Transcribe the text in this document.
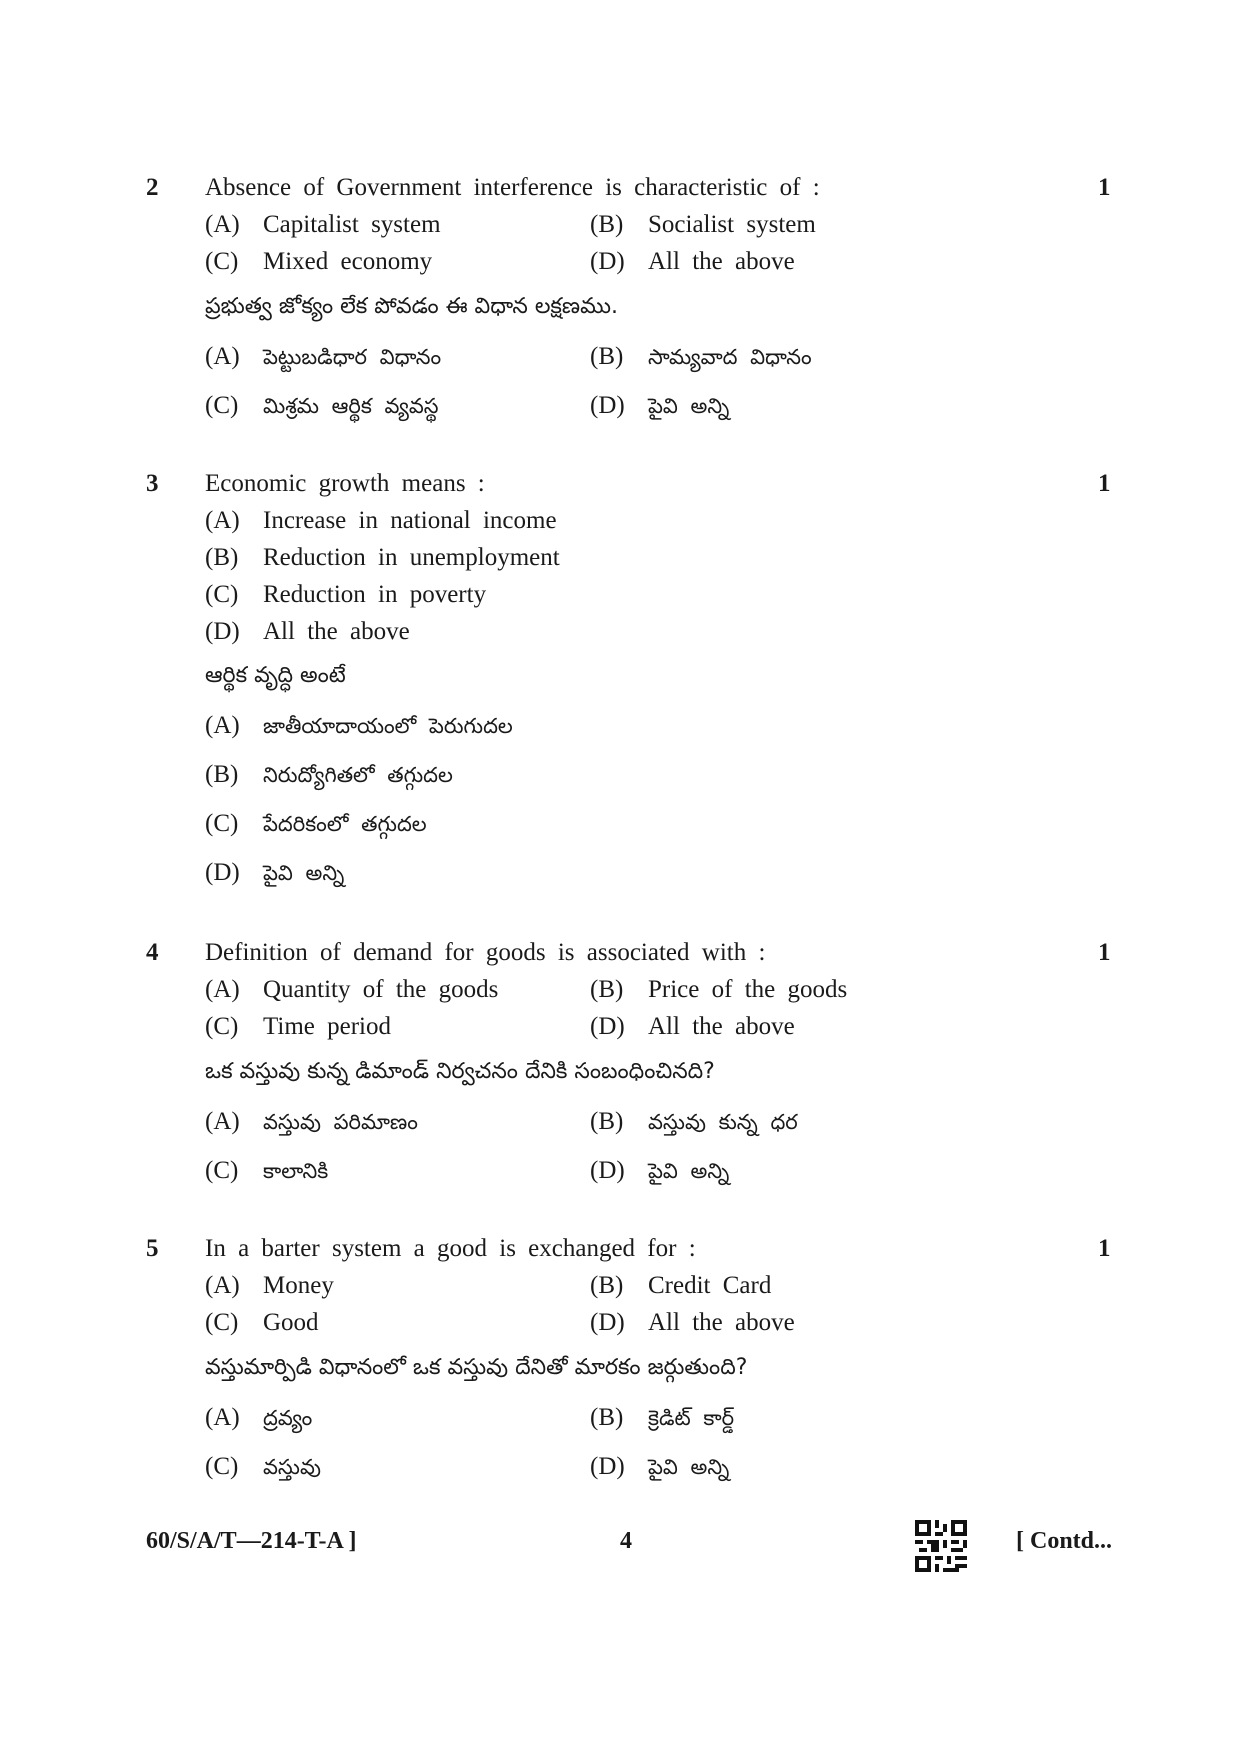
2 Absence of Government interference is characteristic of :	1
(A) Capitalist system	(B) Socialist system
(C) Mixed economy	(D) All the above
ప్రభుత్వ జోక్యం లేక పోవడం ఈ విధాన లక్షణము.
(A) పెట్టుబడిధార విధానం	(B) సామ్యవాద విధానం
(C) మిశ్రమ ఆర్థిక వ్యవస్థ	(D) పైవి అన్ని
3 Economic growth means :	1
(A) Increase in national income
(B) Reduction in unemployment
(C) Reduction in poverty
(D) All the above
ఆర్థిక వృద్ధి అంటే
(A) జాతీయాదాయంలో పెరుగుదల
(B) నిరుద్యోగితలో తగ్గుదల
(C) పేదరికంలో తగ్గుదల
(D) పైవి అన్ని
4 Definition of demand for goods is associated with :	1
(A) Quantity of the goods	(B) Price of the goods
(C) Time period	(D) All the above
ఒక వస్తువు కున్న డిమాండ్ నిర్వచనం దేనికి సంబంధించినది?
(A) వస్తువు పరిమాణం	(B) వస్తువు కున్న ధర
(C) కాలానికి	(D) పైవి అన్ని
5 In a barter system a good is exchanged for :	1
(A) Money	(B) Credit Card
(C) Good	(D) All the above
వస్తుమార్పిడి విధానంలో ఒక వస్తువు దేనితో మారకం జర్గుతుంది?
(A) ద్రవ్యం	(B) క్రెడిట్ కార్డ్
(C) వస్తువు	(D) పైవి అన్ని
60/S/A/T—214-T-A ]	4	[ Contd...
